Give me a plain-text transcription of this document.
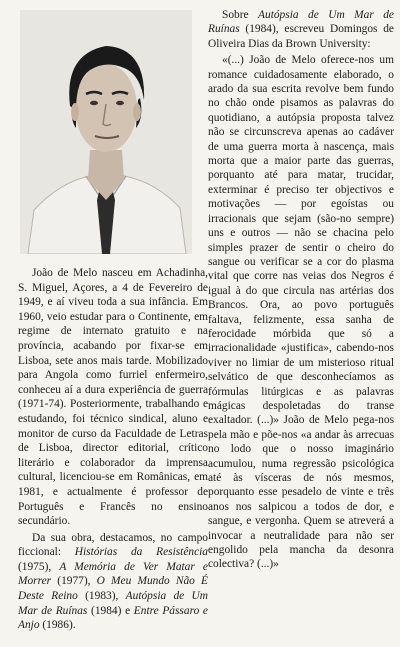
João de Melo nasceu em Achadinha, S. Miguel, Açores, a 4 de Fevereiro de 1949, e aí viveu toda a sua infância. Em 1960, veio estudar para o Continente, em regime de internato gratuito e na província, acabando por fixar-se em Lisboa, sete anos mais tarde. Mobilizado para Angola como furriel enfermeiro, conheceu aí a dura experiência de guerra (1971-74). Posteriormente, trabalhando e estudando, foi técnico sindical, aluno e monitor de curso da Faculdade de Letras de Lisboa, director editorial, crítico literário e colaborador da imprensa cultural, licenciou-se em Românicas, em 1981, e actualmente é professor de Português e Francês no ensino secundário.

Da sua obra, destacamos, no campo ficcional: Histórias da Resistência (1975), A Memória de Ver Matar e Morrer (1977), O Meu Mundo Não É Deste Reino (1983), Autópsia de Um Mar de Ruínas (1984) e Entre Pássaro e Anjo (1986).

Sobre Autópsia de Um Mar de Ruínas (1984), escreveu Domingos de Oliveira Dias da Brown University:

«(...) João de Melo oferece-nos um romance cuidadosamente elaborado, o arado da sua escrita revolve bem fundo no chão onde pisamos as palavras do quotidiano, a autópsia proposta talvez não se circunscreva apenas ao cadáver de uma guerra morta à nascença, mais morta que a maior parte das guerras, porquanto até para matar, trucidar, exterminar é preciso ter objectivos e motivações — por egoístas ou irracionais que sejam (são-no sempre) uns e outros — não se chacina pelo simples prazer de sentir o cheiro do sangue ou verificar se a cor do plasma vital que corre nas veias dos Negros é igual à do que circula nas artérias dos Brancos. Ora, ao povo português faltava, felizmente, essa sanha de ferocidade mórbida que só a irracionalidade «justifica», cabendo-nos viver no limiar de um misterioso ritual selvático de que desconhecíamos as fórmulas litúrgicas e as palavras mágicas despoletadas do transe exaltador. (...)» João de Melo pega-nos pela mão e põe-nos «a andar às arrecuas no lodo que o nosso imaginário acumulou, numa regressão psicológica até às vísceras de nós mesmos, porquanto esse pesadelo de vinte e três anos nos salpicou a todos de dor, e sangue, e vergonha. Quem se atreverá a invocar a neutralidade para não ser engolido pela mancha da desonra colectiva? (...)»
